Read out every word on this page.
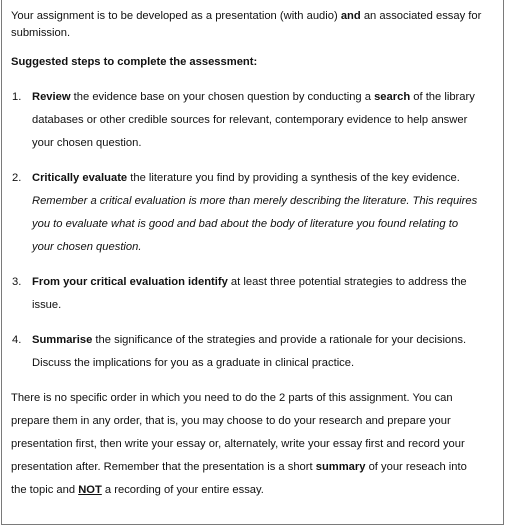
Your assignment is to be developed as a presentation (with audio) and an associated essay for
submission.
Suggested steps to complete the assessment:
1. Review the evidence base on your chosen question by conducting a search of the library
databases or other credible sources for relevant, contemporary evidence to help answer
your chosen question.
2. Critically evaluate the literature you find by providing a synthesis of the key evidence.
Remember a critical evaluation is more than merely describing the literature. This requires
you to evaluate what is good and bad about the body of literature you found relating to
your chosen question.
3. From your critical evaluation identify at least three potential strategies to address the
issue.
4. Summarise the significance of the strategies and provide a rationale for your decisions.
Discuss the implications for you as a graduate in clinical practice.
There is no specific order in which you need to do the 2 parts of this assignment. You can
prepare them in any order, that is, you may choose to do your research and prepare your
presentation first, then write your essay or, alternately, write your essay first and record your
presentation after. Remember that the presentation is a short summary of your reseach into
the topic and NOT a recording of your entire essay.
